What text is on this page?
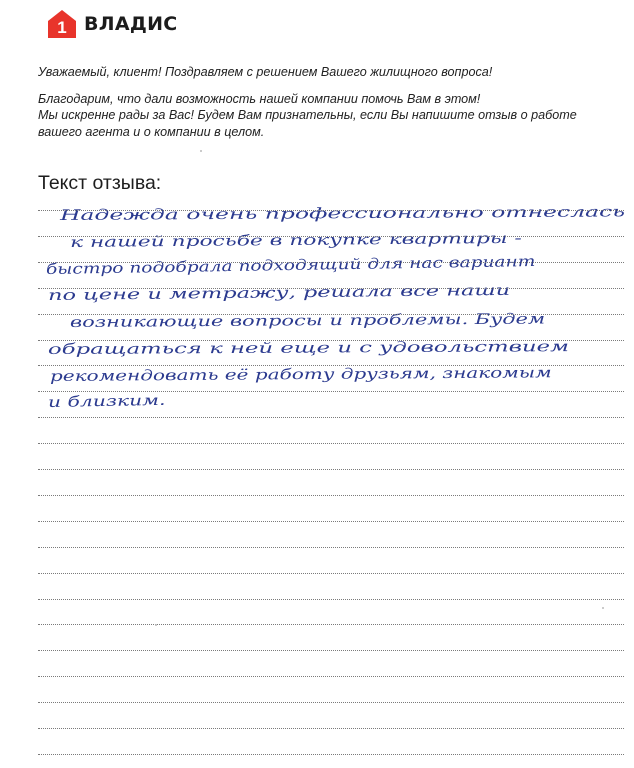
1 ВЛАДИС

Уважаемый, клиент! Поздравляем с решением Вашего жилищного вопроса!

Благодарим, что дали возможность нашей компании помочь Вам в этом!

Мы искренне рады за Вас! Будем Вам признательны, если Вы напишите отзыв о работе вашего агента и о компании в целом.

Текст отзыва:

Надежда очень профессионально отнеслась

к нашей просьбе в покупке квартиры -

быстро подобрала подходящий для нас вариант

по цене и метражу, решала все наши

возникающие вопросы и проблемы. Будем

обращаться к ней еще и с удовольствием

рекомендовать её работу друзьям, знакомым

и близким.
